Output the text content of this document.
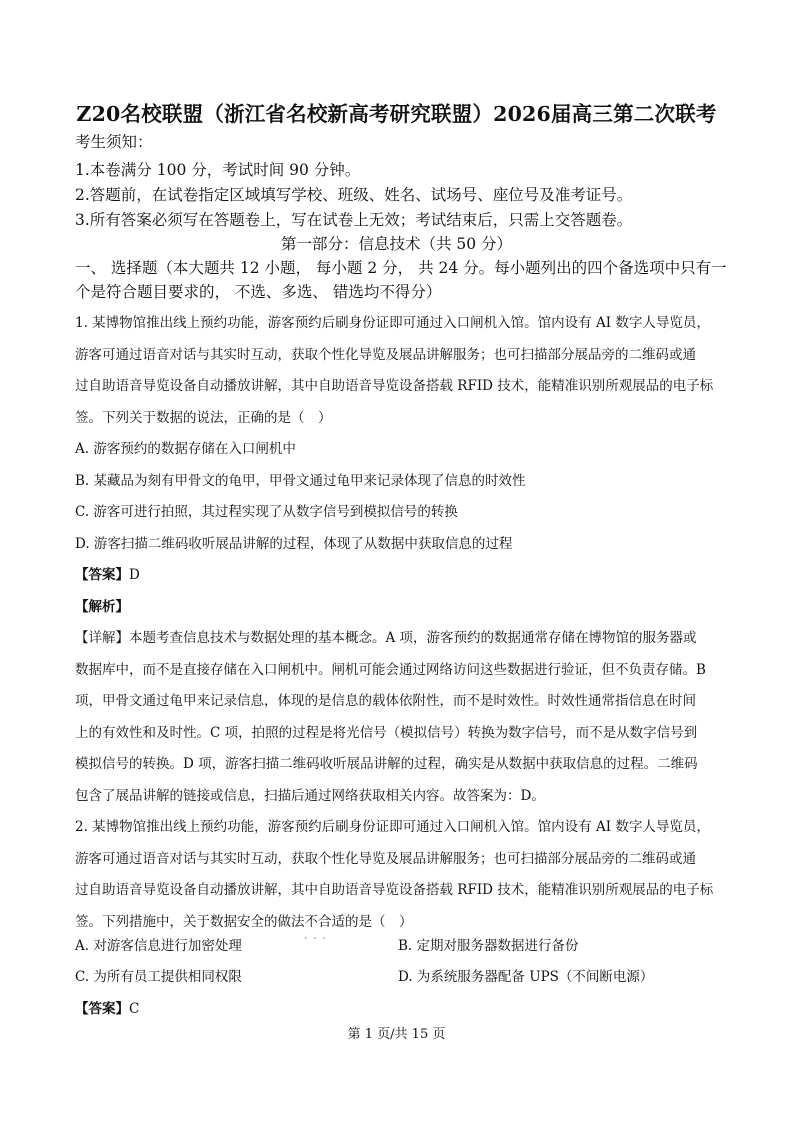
Z20名校联盟（浙江省名校新高考研究联盟）2026届高三第二次联考
考生须知：
1.本卷满分 100 分，考试时间 90 分钟。
2.答题前，在试卷指定区域填写学校、班级、姓名、试场号、座位号及准考证号。
3.所有答案必须写在答题卷上，写在试卷上无效；考试结束后，只需上交答题卷。
第一部分：信息技术（共 50 分）
一、 选择题（本大题共 12 小题， 每小题 2 分， 共 24 分。每小题列出的四个备选项中只有一
个是符合题目要求的， 不选、多选、 错选均不得分）
1. 某博物馆推出线上预约功能，游客预约后刷身份证即可通过入口闸机入馆。馆内设有 AI 数字人导览员，
游客可通过语音对话与其实时互动，获取个性化导览及展品讲解服务；也可扫描部分展品旁的二维码或通
过自助语音导览设备自动播放讲解，其中自助语音导览设备搭载 RFID 技术，能精准识别所观展品的电子标
签。下列关于数据的说法，正确的是（　）
A. 游客预约的数据存储在入口闸机中
B. 某藏品为刻有甲骨文的龟甲，甲骨文通过龟甲来记录体现了信息的时效性
C. 游客可进行拍照，其过程实现了从数字信号到模拟信号的转换
D. 游客扫描二维码收听展品讲解的过程，体现了从数据中获取信息的过程
【答案】D
【解析】
【详解】本题考查信息技术与数据处理的基本概念。A 项，游客预约的数据通常存储在博物馆的服务器或
数据库中，而不是直接存储在入口闸机中。闸机可能会通过网络访问这些数据进行验证，但不负责存储。B
项，甲骨文通过龟甲来记录信息，体现的是信息的载体依附性，而不是时效性。时效性通常指信息在时间
上的有效性和及时性。C 项，拍照的过程是将光信号（模拟信号）转换为数字信号，而不是从数字信号到
模拟信号的转换。D 项，游客扫描二维码收听展品讲解的过程，确实是从数据中获取信息的过程。二维码
包含了展品讲解的链接或信息，扫描后通过网络获取相关内容。故答案为：D。
2. 某博物馆推出线上预约功能，游客预约后刷身份证即可通过入口闸机入馆。馆内设有 AI 数字人导览员，
游客可通过语音对话与其实时互动，获取个性化导览及展品讲解服务；也可扫描部分展品旁的二维码或通
过自助语音导览设备自动播放讲解，其中自助语音导览设备搭载 RFID 技术，能精准识别所观展品的电子标
签。下列措施中，关于数据安全的做法不合适 · · ·的是（　）
A. 对游客信息进行加密处理	B. 定期对服务器数据进行备份
C. 为所有员工提供相同权限	D. 为系统服务器配备 UPS（不间断电源）
【答案】C
第 1 页/共 15 页
